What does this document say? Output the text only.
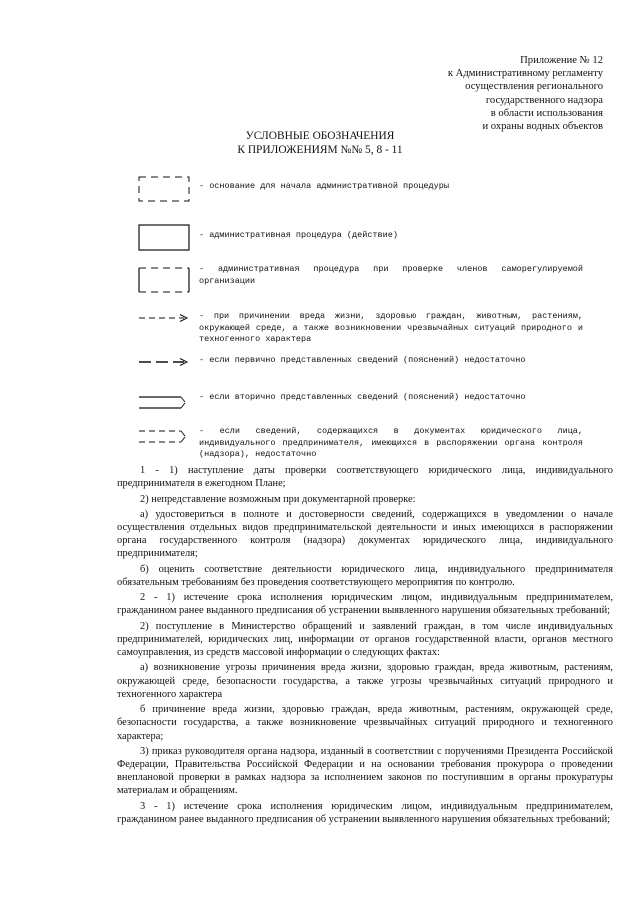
Приложение № 12
к Административному регламенту
осуществления регионального
государственного надзора
в области использования
и охраны водных объектов
УСЛОВНЫЕ ОБОЗНАЧЕНИЯ
К ПРИЛОЖЕНИЯМ №№ 5, 8 - 11
- основание для начала административной процедуры
- административная процедура (действие)
- административная процедура при проверке членов саморегулируемой организации
- при причинении вреда жизни, здоровью граждан, животным, растениям, окружающей среде, а также возникновении чрезвычайных ситуаций природного и техногенного характера
- если первично представленных сведений (пояснений) недостаточно
- если вторично представленных сведений (пояснений) недостаточно
- если сведений, содержащихся в документах юридического лица, индивидуального предпринимателя, имеющихся в распоряжении органа контроля (надзора), недостаточно

1 - 1) наступление даты проверки соответствующего юридического лица, индивидуального предпринимателя в ежегодном Плане;

2) непредставление возможным при документарной проверке:

а) удостовериться в полноте и достоверности сведений, содержащихся в уведомлении о начале осуществления отдельных видов предпринимательской деятельности и иных имеющихся в распоряжении органа государственного контроля (надзора) документах юридического лица, индивидуального предпринимателя;

б) оценить соответствие деятельности юридического лица, индивидуального предпринимателя обязательным требованиям без проведения соответствующего мероприятия по контролю.

2 - 1) истечение срока исполнения юридическим лицом, индивидуальным предпринимателем, гражданином ранее выданного предписания об устранении выявленного нарушения обязательных требований;

2) поступление в Министерство обращений и заявлений граждан, в том числе индивидуальных предпринимателей, юридических лиц, информации от органов государственной власти, органов местного самоуправления, из средств массовой информации о следующих фактах:

а) возникновение угрозы причинения вреда жизни, здоровью граждан, вреда животным, растениям, окружающей среде, безопасности государства, а также угрозы чрезвычайных ситуаций природного и техногенного характера

б причинение вреда жизни, здоровью граждан, вреда животным, растениям, окружающей среде, безопасности государства, а также возникновение чрезвычайных ситуаций природного и техногенного характера;

3) приказ руководителя органа надзора, изданный в соответствии с поручениями Президента Российской Федерации, Правительства Российской Федерации и на основании требования прокурора о проведении внеплановой проверки в рамках надзора за исполнением законов по поступившим в органы прокуратуры материалам и обращениям.

3 - 1) истечение срока исполнения юридическим лицом, индивидуальным предпринимателем, гражданином ранее выданного предписания об устранении выявленного нарушения обязательных требований;
